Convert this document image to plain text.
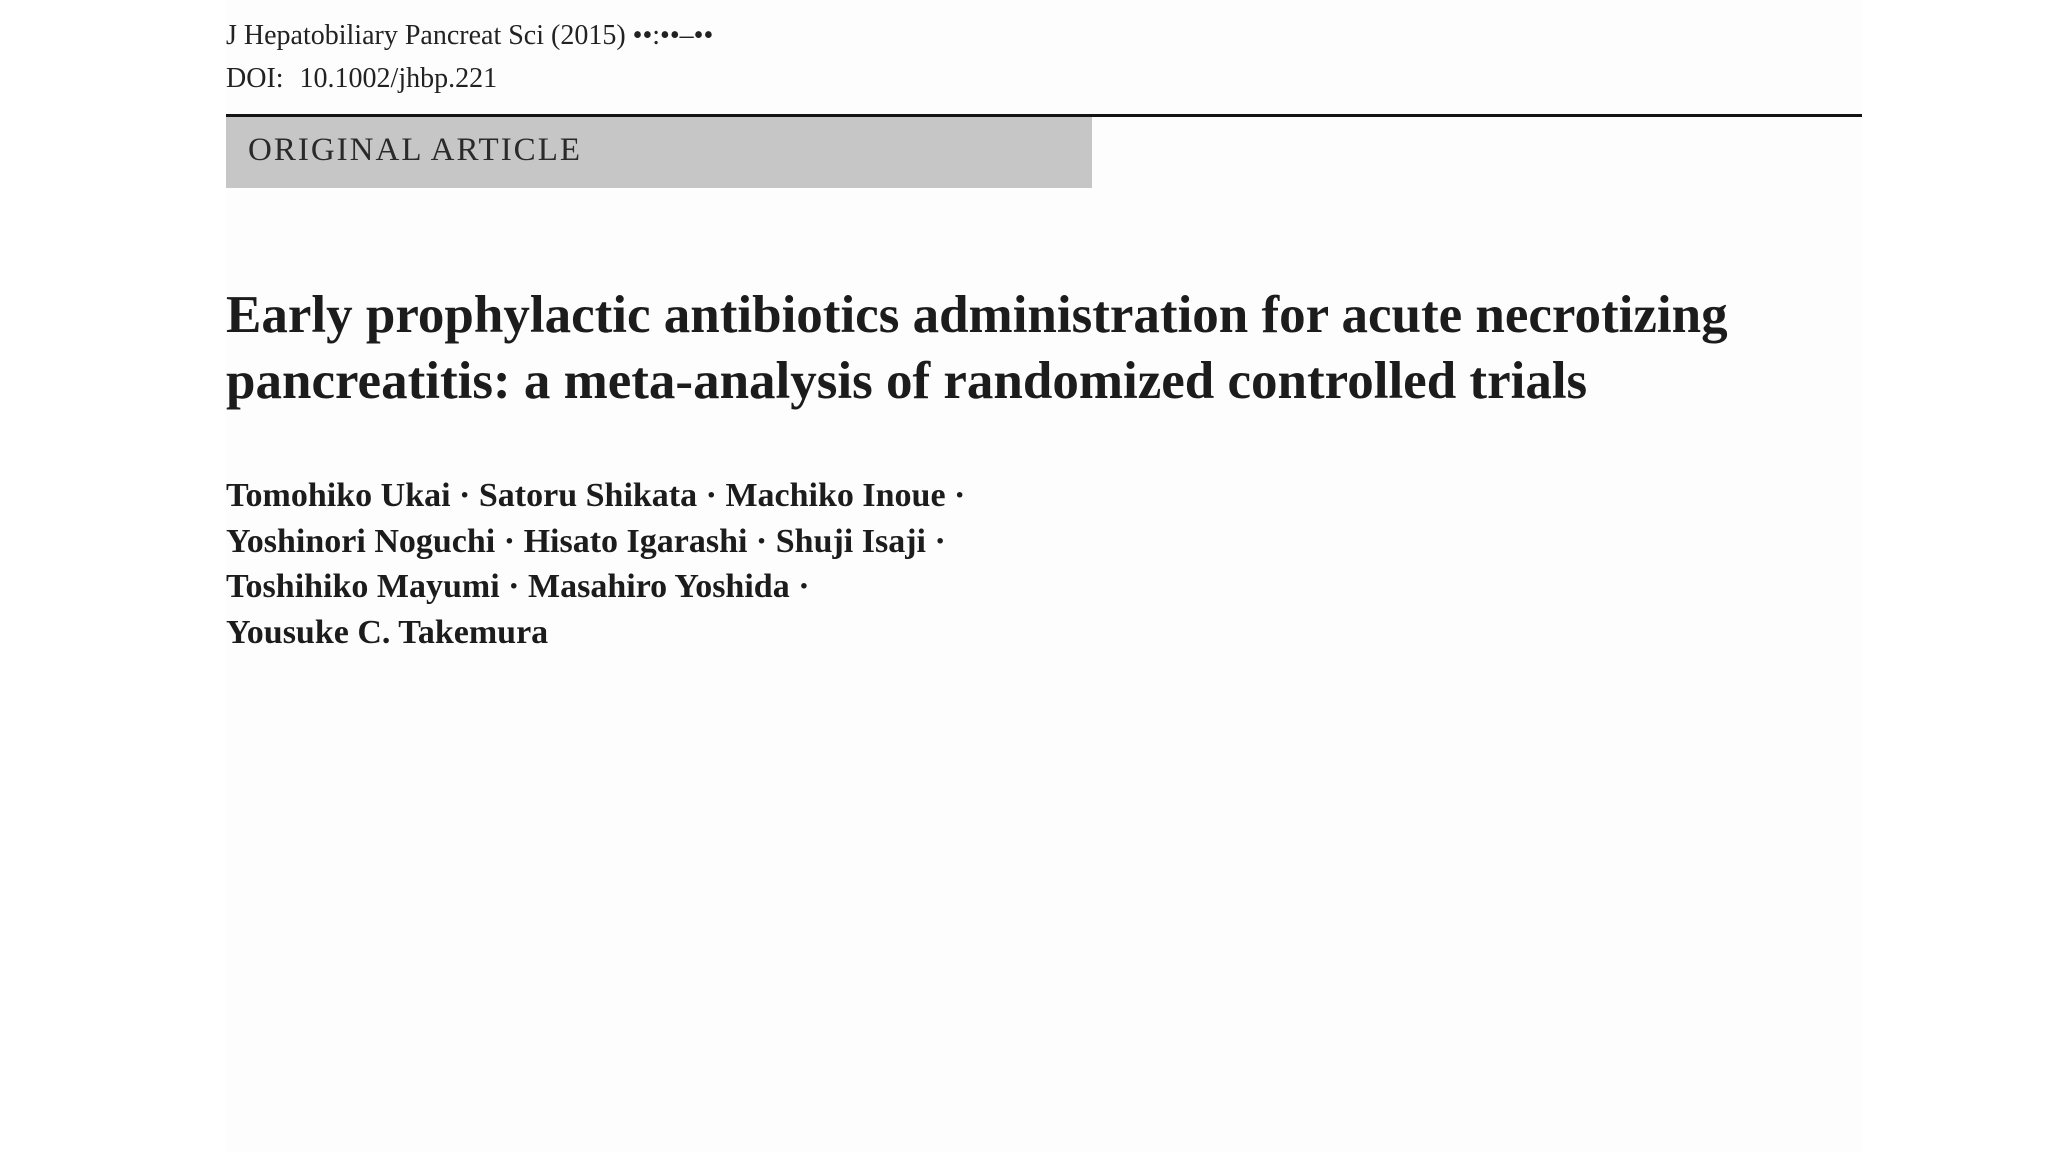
J Hepatobiliary Pancreat Sci (2015) ••:••–••
DOI: 10.1002/jhbp.221
ORIGINAL ARTICLE
Early prophylactic antibiotics administration for acute necrotizing
pancreatitis: a meta-analysis of randomized controlled trials
Tomohiko Ukai · Satoru Shikata · Machiko Inoue ·
Yoshinori Noguchi · Hisato Igarashi · Shuji Isaji ·
Toshihiko Mayumi · Masahiro Yoshida ·
Yousuke C. Takemura
